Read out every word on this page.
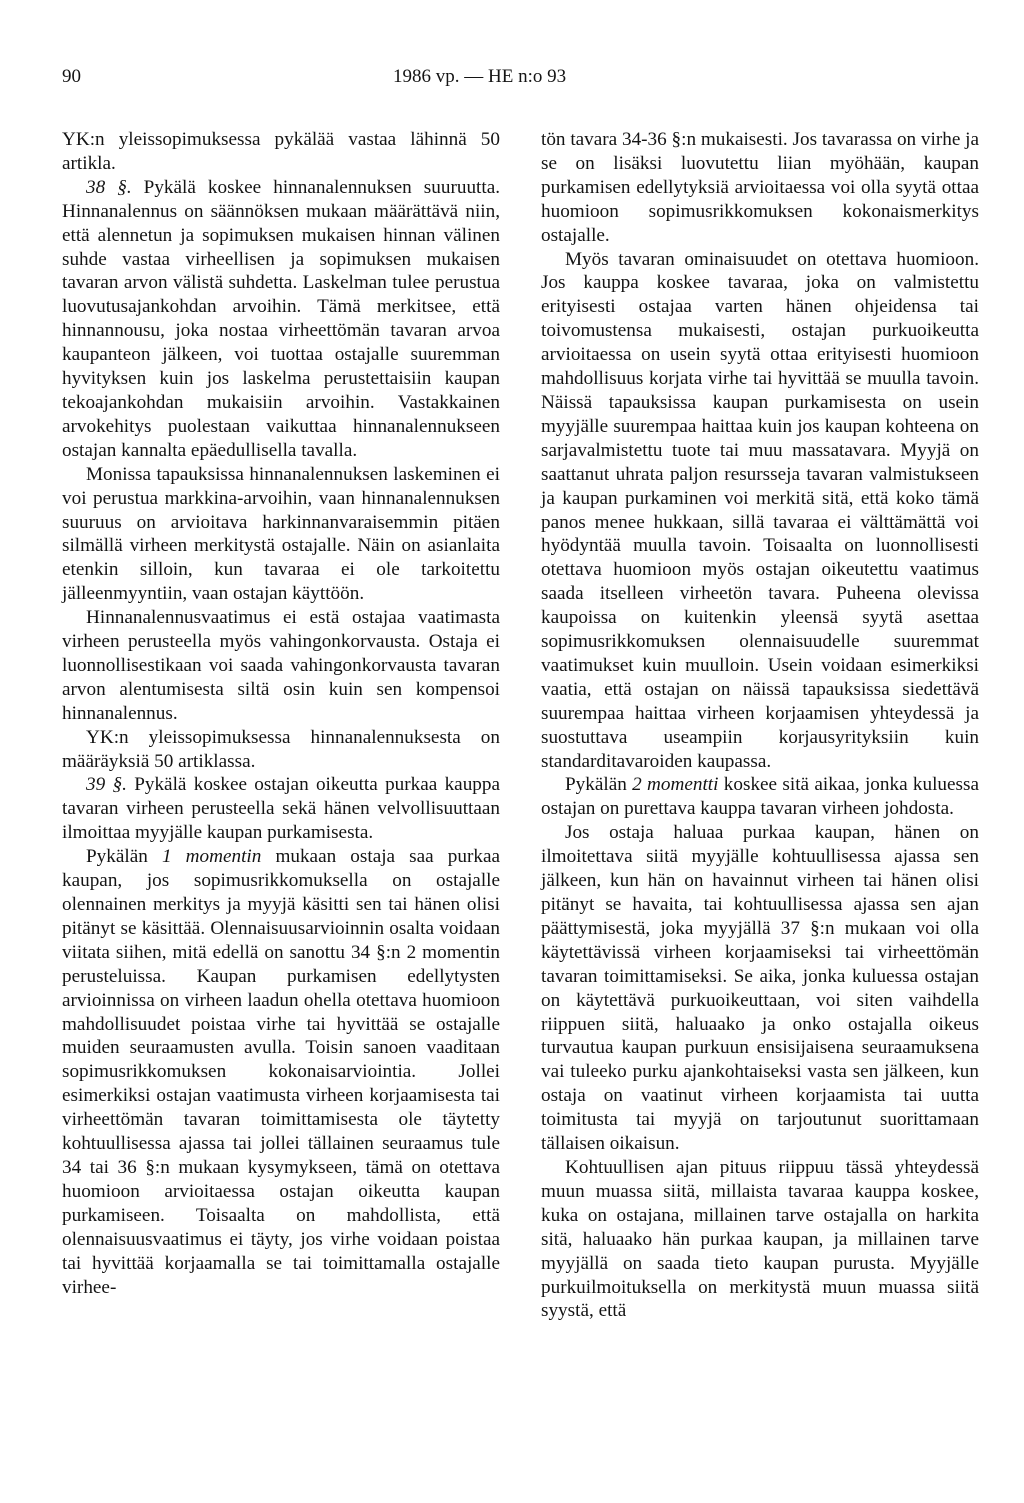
90	1986 vp. — HE n:o 93

YK:n yleissopimuksessa pykälää vastaa lähinnä 50 artikla.

38 §. Pykälä koskee hinnanalennuksen suuruutta. Hinnanalennus on säännöksen mukaan määrättävä niin, että alennetun ja sopimuksen mukaisen hinnan välinen suhde vastaa virheellisen ja sopimuksen mukaisen tavaran arvon välistä suhdetta. Laskelman tulee perustua luovutusajankohdan arvoihin. Tämä merkitsee, että hinnannousu, joka nostaa virheettömän tavaran arvoa kaupanteon jälkeen, voi tuottaa ostajalle suuremman hyvityksen kuin jos laskelma perustettaisiin kaupan tekoajankohdan mukaisiin arvoihin. Vastakkainen arvokehitys puolestaan vaikuttaa hinnanalennukseen ostajan kannalta epäedullisella tavalla.

Monissa tapauksissa hinnanalennuksen laskeminen ei voi perustua markkina-arvoihin, vaan hinnanalennuksen suuruus on arvioitava harkinnanvaraisemmin pitäen silmällä virheen merkitystä ostajalle. Näin on asianlaita etenkin silloin, kun tavaraa ei ole tarkoitettu jälleenmyyntiin, vaan ostajan käyttöön.

Hinnanalennusvaatimus ei estä ostajaa vaatimasta virheen perusteella myös vahingonkorvausta. Ostaja ei luonnollisestikaan voi saada vahingonkorvausta tavaran arvon alentumisesta siltä osin kuin sen kompensoi hinnanalennus.

YK:n yleissopimuksessa hinnanalennuksesta on määräyksiä 50 artiklassa.

39 §. Pykälä koskee ostajan oikeutta purkaa kauppa tavaran virheen perusteella sekä hänen velvollisuuttaan ilmoittaa myyjälle kaupan purkamisesta.

Pykälän 1 momentin mukaan ostaja saa purkaa kaupan, jos sopimusrikkomuksella on ostajalle olennainen merkitys ja myyjä käsitti sen tai hänen olisi pitänyt se käsittää. Olennaisuusarvioinnin osalta voidaan viitata siihen, mitä edellä on sanottu 34 §:n 2 momentin perusteluissa. Kaupan purkamisen edellytysten arvioinnissa on virheen laadun ohella otettava huomioon mahdollisuudet poistaa virhe tai hyvittää se ostajalle muiden seuraamusten avulla. Toisin sanoen vaaditaan sopimusrikkomuksen kokonaisarviointia. Jollei esimerkiksi ostajan vaatimusta virheen korjaamisesta tai virheettömän tavaran toimittamisesta ole täytetty kohtuullisessa ajassa tai jollei tällainen seuraamus tule 34 tai 36 §:n mukaan kysymykseen, tämä on otettava huomioon arvioitaessa ostajan oikeutta kaupan purkamiseen. Toisaalta on mahdollista, että olennaisuusvaatimus ei täyty, jos virhe voidaan poistaa tai hyvittää korjaamalla se tai toimittamalla ostajalle virhee-

tön tavara 34-36 §:n mukaisesti. Jos tavarassa on virhe ja se on lisäksi luovutettu liian myöhään, kaupan purkamisen edellytyksiä arvioitaessa voi olla syytä ottaa huomioon sopimusrikkomuksen kokonaismerkitys ostajalle.

Myös tavaran ominaisuudet on otettava huomioon. Jos kauppa koskee tavaraa, joka on valmistettu erityisesti ostajaa varten hänen ohjeidensa tai toivomustensa mukaisesti, ostajan purkuoikeutta arvioitaessa on usein syytä ottaa erityisesti huomioon mahdollisuus korjata virhe tai hyvittää se muulla tavoin. Näissä tapauksissa kaupan purkamisesta on usein myyjälle suurempaa haittaa kuin jos kaupan kohteena on sarjavalmistettu tuote tai muu massatavara. Myyjä on saattanut uhrata paljon resursseja tavaran valmistukseen ja kaupan purkaminen voi merkitä sitä, että koko tämä panos menee hukkaan, sillä tavaraa ei välttämättä voi hyödyntää muulla tavoin. Toisaalta on luonnollisesti otettava huomioon myös ostajan oikeutettu vaatimus saada itselleen virheetön tavara. Puheena olevissa kaupoissa on kuitenkin yleensä syytä asettaa sopimusrikkomuksen olennaisuudelle suuremmat vaatimukset kuin muulloin. Usein voidaan esimerkiksi vaatia, että ostajan on näissä tapauksissa siedettävä suurempaa haittaa virheen korjaamisen yhteydessä ja suostuttava useampiin korjausyrityksiin kuin standarditavaroiden kaupassa.

Pykälän 2 momentti koskee sitä aikaa, jonka kuluessa ostajan on purettava kauppa tavaran virheen johdosta.

Jos ostaja haluaa purkaa kaupan, hänen on ilmoitettava siitä myyjälle kohtuullisessa ajassa sen jälkeen, kun hän on havainnut virheen tai hänen olisi pitänyt se havaita, tai kohtuullisessa ajassa sen ajan päättymisestä, joka myyjällä 37 §:n mukaan voi olla käytettävissä virheen korjaamiseksi tai virheettömän tavaran toimittamiseksi. Se aika, jonka kuluessa ostajan on käytettävä purkuoikeuttaan, voi siten vaihdella riippuen siitä, haluaako ja onko ostajalla oikeus turvautua kaupan purkuun ensisijaisena seuraamuksena vai tuleeko purku ajankohtaiseksi vasta sen jälkeen, kun ostaja on vaatinut virheen korjaamista tai uutta toimitusta tai myyjä on tarjoutunut suorittamaan tällaisen oikaisun.

Kohtuullisen ajan pituus riippuu tässä yhteydessä muun muassa siitä, millaista tavaraa kauppa koskee, kuka on ostajana, millainen tarve ostajalla on harkita sitä, haluaako hän purkaa kaupan, ja millainen tarve myyjällä on saada tieto kaupan purusta. Myyjälle purkuilmoituksella on merkitystä muun muassa siitä syystä, että
